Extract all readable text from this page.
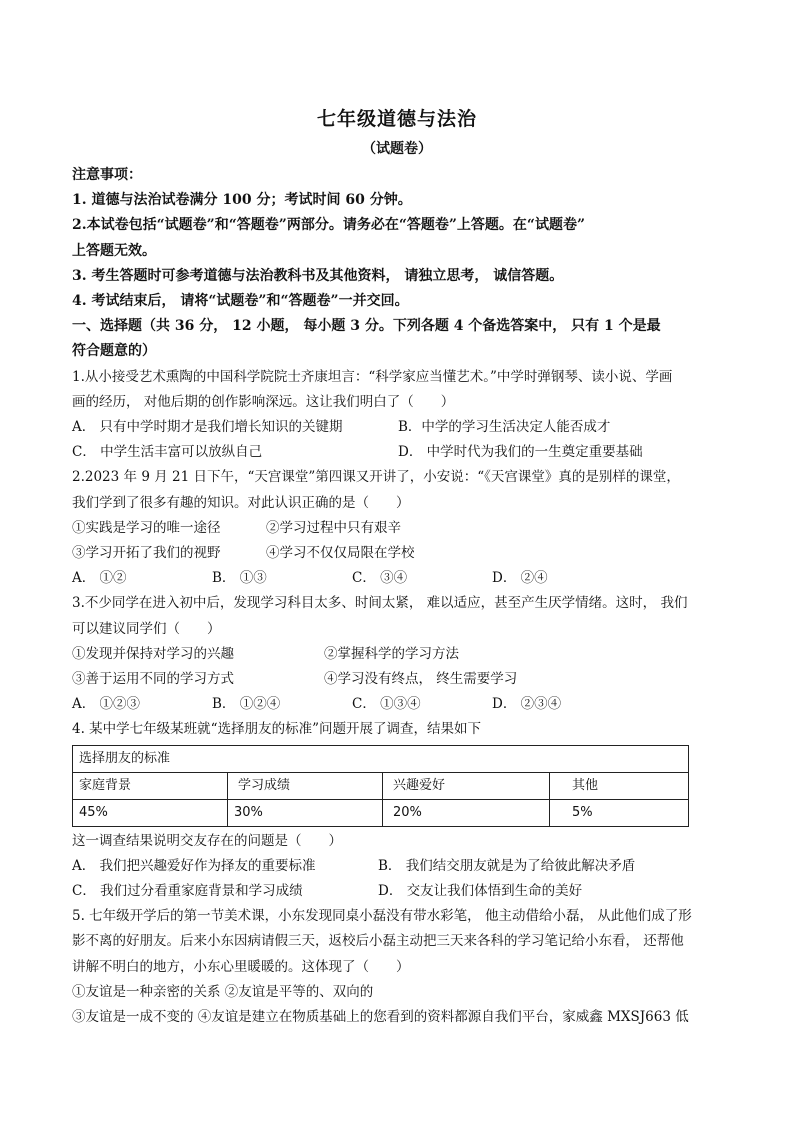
七年级道德与法治
（试题卷）
注意事项：
1. 道德与法治试卷满分 100 分；考试时间 60 分钟。
2.本试卷包括“试题卷”和“答题卷”两部分。请务必在“答题卷”上答题。在“试题卷”
上答题无效。
3. 考生答题时可参考道德与法治教科书及其他资料， 请独立思考， 诚信答题。
4. 考试结束后， 请将“试题卷”和“答题卷”一并交回。
一、选择题（共 36 分， 12 小题， 每小题 3 分。下列各题 4 个备选答案中， 只有 1 个是最
符合题意的）
1.从小接受艺术熏陶的中国科学院院士齐康坦言：“科学家应当懂艺术。”中学时弹钢琴、读小说、学画
画的经历， 对他后期的创作影响深远。这让我们明白了（　　）
A． 只有中学时期才是我们增长知识的关键期	B．中学的学习生活决定人能否成才
C． 中学生活丰富可以放纵自己	D． 中学时代为我们的一生奠定重要基础
2.2023 年 9 月 21 日下午，“天宫课堂”第四课又开讲了，小安说：“《天宫课堂》真的是别样的课堂，
我们学到了很多有趣的知识。对此认识正确的是（　　）
①实践是学习的唯一途径	②学习过程中只有艰辛
③学习开拓了我们的视野	④学习不仅仅局限在学校
A． ①②	B． ①③	C． ③④	D． ②④
3.不少同学在进入初中后，发现学习科目太多、时间太紧， 难以适应，甚至产生厌学情绪。这时， 我们
可以建议同学们（　　）
①发现并保持对学习的兴趣	②掌握科学的学习方法
③善于运用不同的学习方式	④学习没有终点， 终生需要学习
A． ①②③	B． ①②④	C． ①③④	D． ②③④
4. 某中学七年级某班就“选择朋友的标准”问题开展了调查，结果如下
选择朋友的标准			
家庭背景	学习成绩	兴趣爱好	其他
45%	30%	20%	5%
这一调查结果说明交友存在的问题是（　　）
A． 我们把兴趣爱好作为择友的重要标准	B． 我们结交朋友就是为了给彼此解决矛盾
C． 我们过分看重家庭背景和学习成绩	D． 交友让我们体悟到生命的美好
5. 七年级开学后的第一节美术课，小东发现同桌小磊没有带水彩笔， 他主动借给小磊， 从此他们成了形
影不离的好朋友。后来小东因病请假三天，返校后小磊主动把三天来各科的学习笔记给小东看， 还帮他
讲解不明白的地方，小东心里暖暖的。这体现了（　　）
①友谊是一种亲密的关系 ②友谊是平等的、双向的
③友谊是一成不变的 ④友谊是建立在物质基础上的您看到的资料都源自我们平台，家威鑫 MXSJ663 低
